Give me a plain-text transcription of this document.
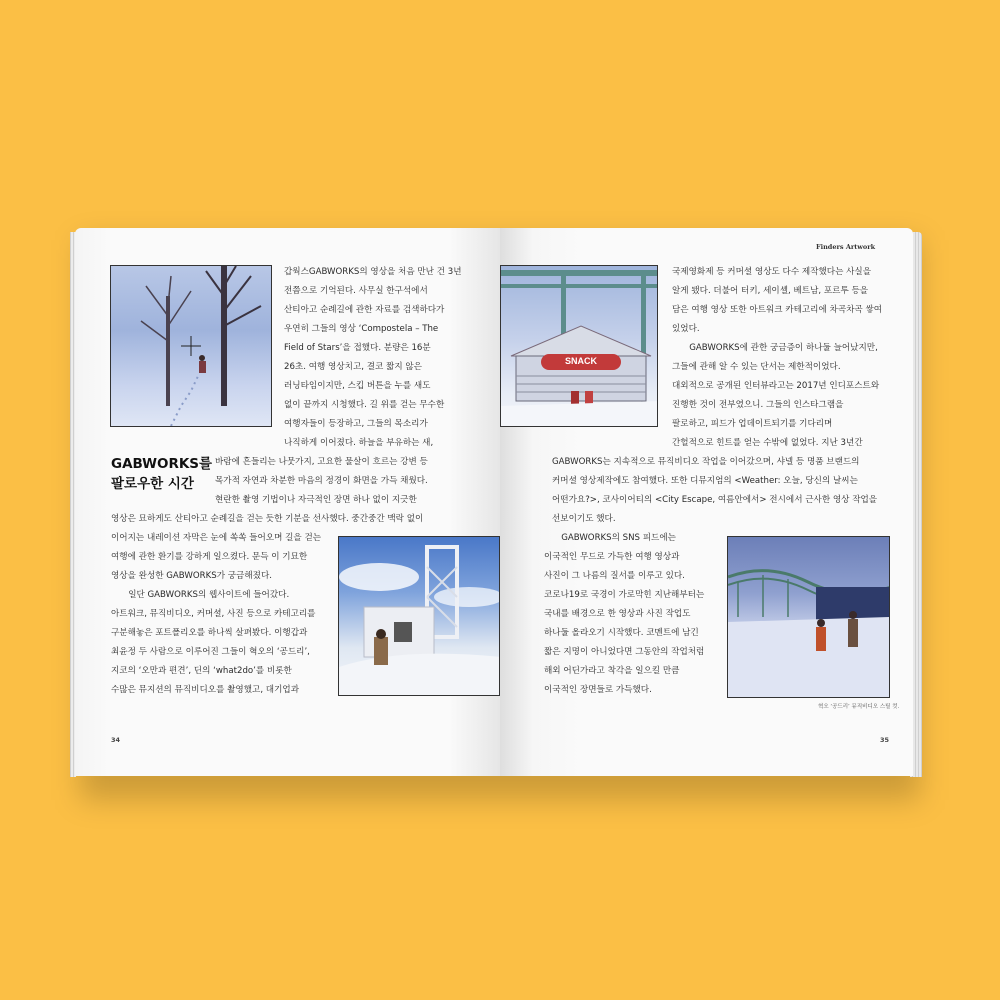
갑웍스GABWORKS의 영상을 처음 만난 건 3년
전쯤으로 기억된다. 사무실 한구석에서
산티아고 순례길에 관한 자료를 검색하다가
우연히 그들의 영상 ‘Compostela – The
Field of Stars’을 접했다. 분량은 16분
26초. 여행 영상치고, 결코 짧지 않은
러닝타임이지만, 스킵 버튼을 누를 새도
없이 끝까지 시청했다. 길 위를 걷는 무수한
여행자들이 등장하고, 그들의 목소리가
나직하게 이어졌다. 하늘을 부유하는 새,
GABWORKS를
팔로우한 시간
바람에 흔들리는 나뭇가지, 고요한 물살이 흐르는 강변 등
목가적 자연과 차분한 마음의 정경이 화면을 가득 채웠다.
현란한 촬영 기법이나 자극적인 장면 하나 없이 지긋한
영상은 묘하게도 산티아고 순례길을 걷는 듯한 기분을 선사했다. 중간중간 맥락 없이
이어지는 내레이션 자막은 눈에 쏙쏙 들어오며 길을 걷는
여행에 관한 환기를 강하게 일으켰다. 문득 이 기묘한
영상을 완성한 GABWORKS가 궁금해졌다.
　　일단 GABWORKS의 웹사이트에 들어갔다.
아트워크, 뮤직비디오, 커머셜, 사진 등으로 카테고리를
구분해놓은 포트폴리오를 하나씩 살펴봤다. 이행갑과
최윤정 두 사람으로 이루어진 그들이 혁오의 ‘공드리’,
지코의 ‘오만과 편견’, 딘의 ‘what2do’를 비롯한
수많은 뮤지션의 뮤직비디오를 촬영했고, 대기업과
34
Finders Artwork
SNACK
국제영화제 등 커머셜 영상도 다수 제작했다는 사실을
알게 됐다. 더불어 터키, 세이셸, 베트남, 포르투 등을
담은 여행 영상 또한 아트워크 카테고리에 차곡차곡 쌓여
있었다.
　　GABWORKS에 관한 궁금증이 하나둘 늘어났지만,
그들에 관해 알 수 있는 단서는 제한적이었다.
대외적으로 공개된 인터뷰라고는 2017년 인디포스트와
진행한 것이 전부였으니. 그들의 인스타그램을
팔로하고, 피드가 업데이트되기를 기다리며
간헐적으로 힌트를 얻는 수밖에 없었다. 지난 3년간
GABWORKS는 지속적으로 뮤직비디오 작업을 이어갔으며, 샤넬 등 명품 브랜드의
커머셜 영상제작에도 참여했다. 또한 디뮤지엄의 <Weather: 오늘, 당신의 날씨는
어떤가요?>, 코사이어티의 <City Escape, 여름안에서> 전시에서 근사한 영상 작업을
선보이기도 했다.
　　GABWORKS의 SNS 피드에는
이국적인 무드로 가득한 여행 영상과
사진이 그 나름의 질서를 이루고 있다.
코로나19로 국경이 가로막힌 지난해부터는
국내를 배경으로 한 영상과 사진 작업도
하나둘 올라오기 시작했다. 코멘트에 남긴
짧은 지명이 아니었다면 그동안의 작업처럼
해외 어딘가라고 착각을 일으킬 만큼
이국적인 장면들로 가득했다.
혁오 ‘공드리’ 뮤직비디오 스틸 컷.
35
